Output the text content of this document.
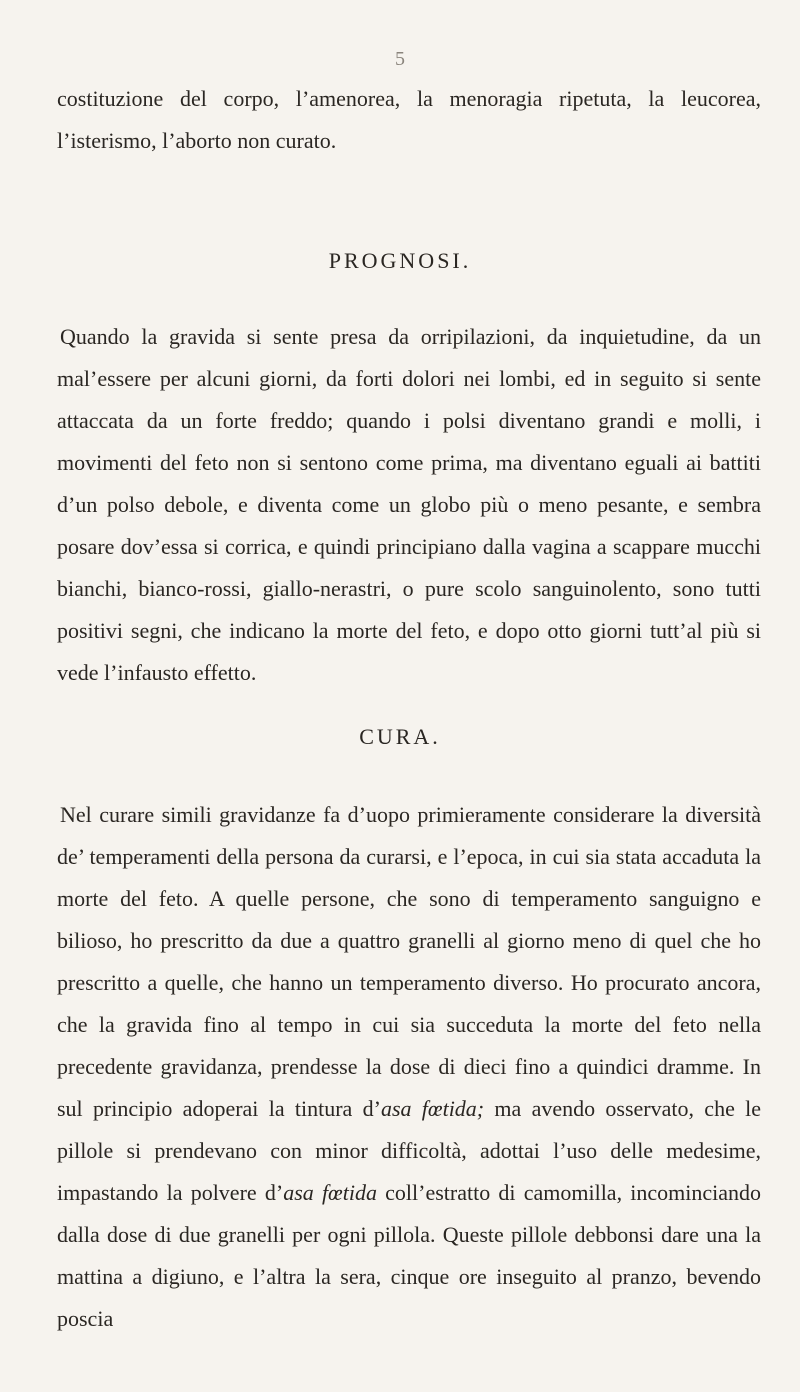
5

costituzione del corpo, l’amenorea, la menoragia ripetuta, la leucorea, l’isterismo, l’aborto non curato.

PROGNOSI.

Quando la gravida si sente presa da orripilazioni, da inquietudine, da un mal’essere per alcuni giorni, da forti dolori nei lombi, ed in seguito si sente attaccata da un forte freddo; quando i polsi diventano grandi e molli, i movimenti del feto non si sentono come prima, ma diventano eguali ai battiti d’un polso debole, e diventa come un globo più o meno pesante, e sembra posare dov’essa si corrica, e quindi principiano dalla vagina a scappare mucchi bianchi, bianco-rossi, giallo-nerastri, o pure scolo sanguinolento, sono tutti positivi segni, che indicano la morte del feto, e dopo otto giorni tutt’al più si vede l’infausto effetto.

CURA.

Nel curare simili gravidanze fa d’uopo primieramente considerare la diversità de’ temperamenti della persona da curarsi, e l’epoca, in cui sia stata accaduta la morte del feto. A quelle persone, che sono di temperamento sanguigno e bilioso, ho prescritto da due a quattro granelli al giorno meno di quel che ho prescritto a quelle, che hanno un temperamento diverso. Ho procurato ancora, che la gravida fino al tempo in cui sia succeduta la morte del feto nella precedente gravidanza, prendesse la dose di dieci fino a quindici dramme. In sul principio adoperai la tintura d’asa fœtida; ma avendo osservato, che le pillole si prendevano con minor difficoltà, adottai l’uso delle medesime, impastando la polvere d’asa fœtida coll’estratto di camomilla, incominciando dalla dose di due granelli per ogni pillola. Queste pillole debbonsi dare una la mattina a digiuno, e l’altra la sera, cinque ore inseguito al pranzo, bevendo poscia
